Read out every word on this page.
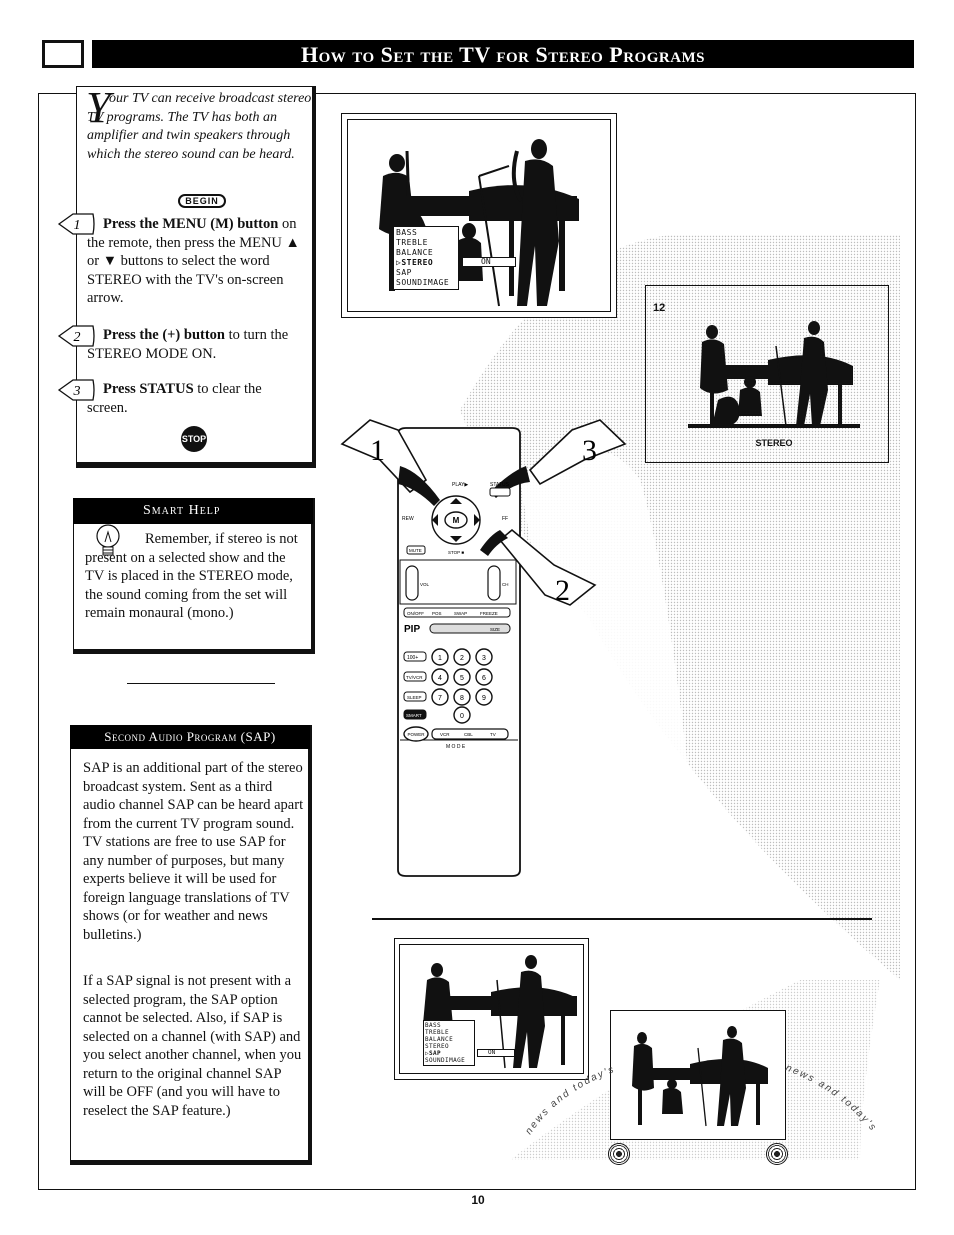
How to Set the TV for Stereo Programs
Y
our TV can receive broadcast stereo TV programs. The TV has both an amplifier and twin speakers through which the stereo sound can be heard.
BEGIN
1	Press the MENU (M) button on the remote, then press the MENU ▲ or ▼ buttons to select the word STEREO with the TV's on-screen arrow.
2	Press the (+) button to turn the STEREO MODE ON.
3	Press STATUS to clear the screen.
STOP
Smart Help
Remember, if stereo is not present on a selected show and the TV is placed in the STEREO mode, the sound coming from the set will remain monaural (mono.)
Second Audio Program (SAP)
SAP is an additional part of the stereo broadcast system. Sent as a third audio channel SAP can be heard apart from the current TV program sound. TV stations are free to use SAP for any number of purposes, but many experts believe it will be used for foreign language translations of TV shows (or for weather and news bulletins.)
If a SAP signal is not present with a selected program, the SAP option cannot be selected. Also, if SAP is selected on a channel (with SAP) and you select another channel, when you return to the original channel SAP will be OFF (and you will have to reselect the SAP feature.)
BASS
TREBLE
BALANCE
▷STEREO
SAP
SOUNDIMAGE
ON
12
STEREO
1	3
2
PLAY▶	STATUS
REW	FF
M
MUTE	STOP ■
VOL	CH
ON/OFF POS	SWAP	FREEZE
PIP	SIZE
100+
TV/VCR
SLEEP
SMART
1	2	3
4	5	6
7	8	9
0
POWER	VCR	CBL	TV
M O D E
BASS
TREBLE
BALANCE
STEREO
▷SAP
SOUNDIMAGE
ON
news and today's	news and today's
10
